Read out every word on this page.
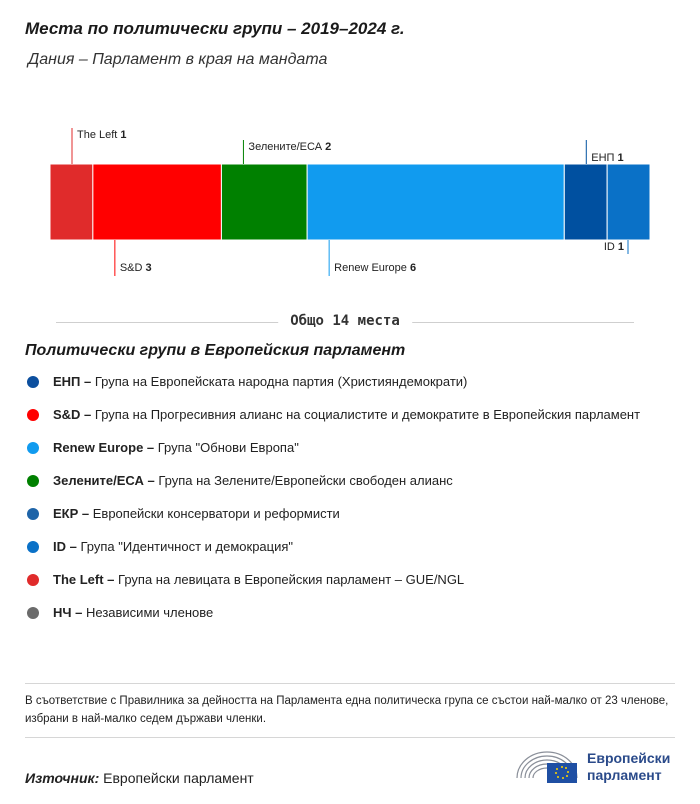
Места по политически групи – 2019–2024 г.
Дания – Парламент в края на мандата
The Left 1
S&D 3
Зелените/ЕСА 2
Renew Europe 6
ЕНП 1
ID 1
Общо 14 места
Политически групи в Европейския парламент
ЕНП – Група на Европейската народна партия (Християндемократи)
S&D – Група на Прогресивния алианс на социалистите и демократите в Европейския парламент
Renew Europe – Група "Обнови Европа"
Зелените/ЕСА – Група на Зелените/Европейски свободен алианс
ЕКР – Европейски консерватори и реформисти
ID – Група "Идентичност и демокрация"
The Left – Група на левицата в Европейския парламент – GUE/NGL
НЧ – Независими членове
В съответствие с Правилника за дейността на Парламента една политическа група се състои най-малко от 23 членове, избрани в най-малко седем държави членки.
Източник: Европейски парламент
Европейски
парламент
